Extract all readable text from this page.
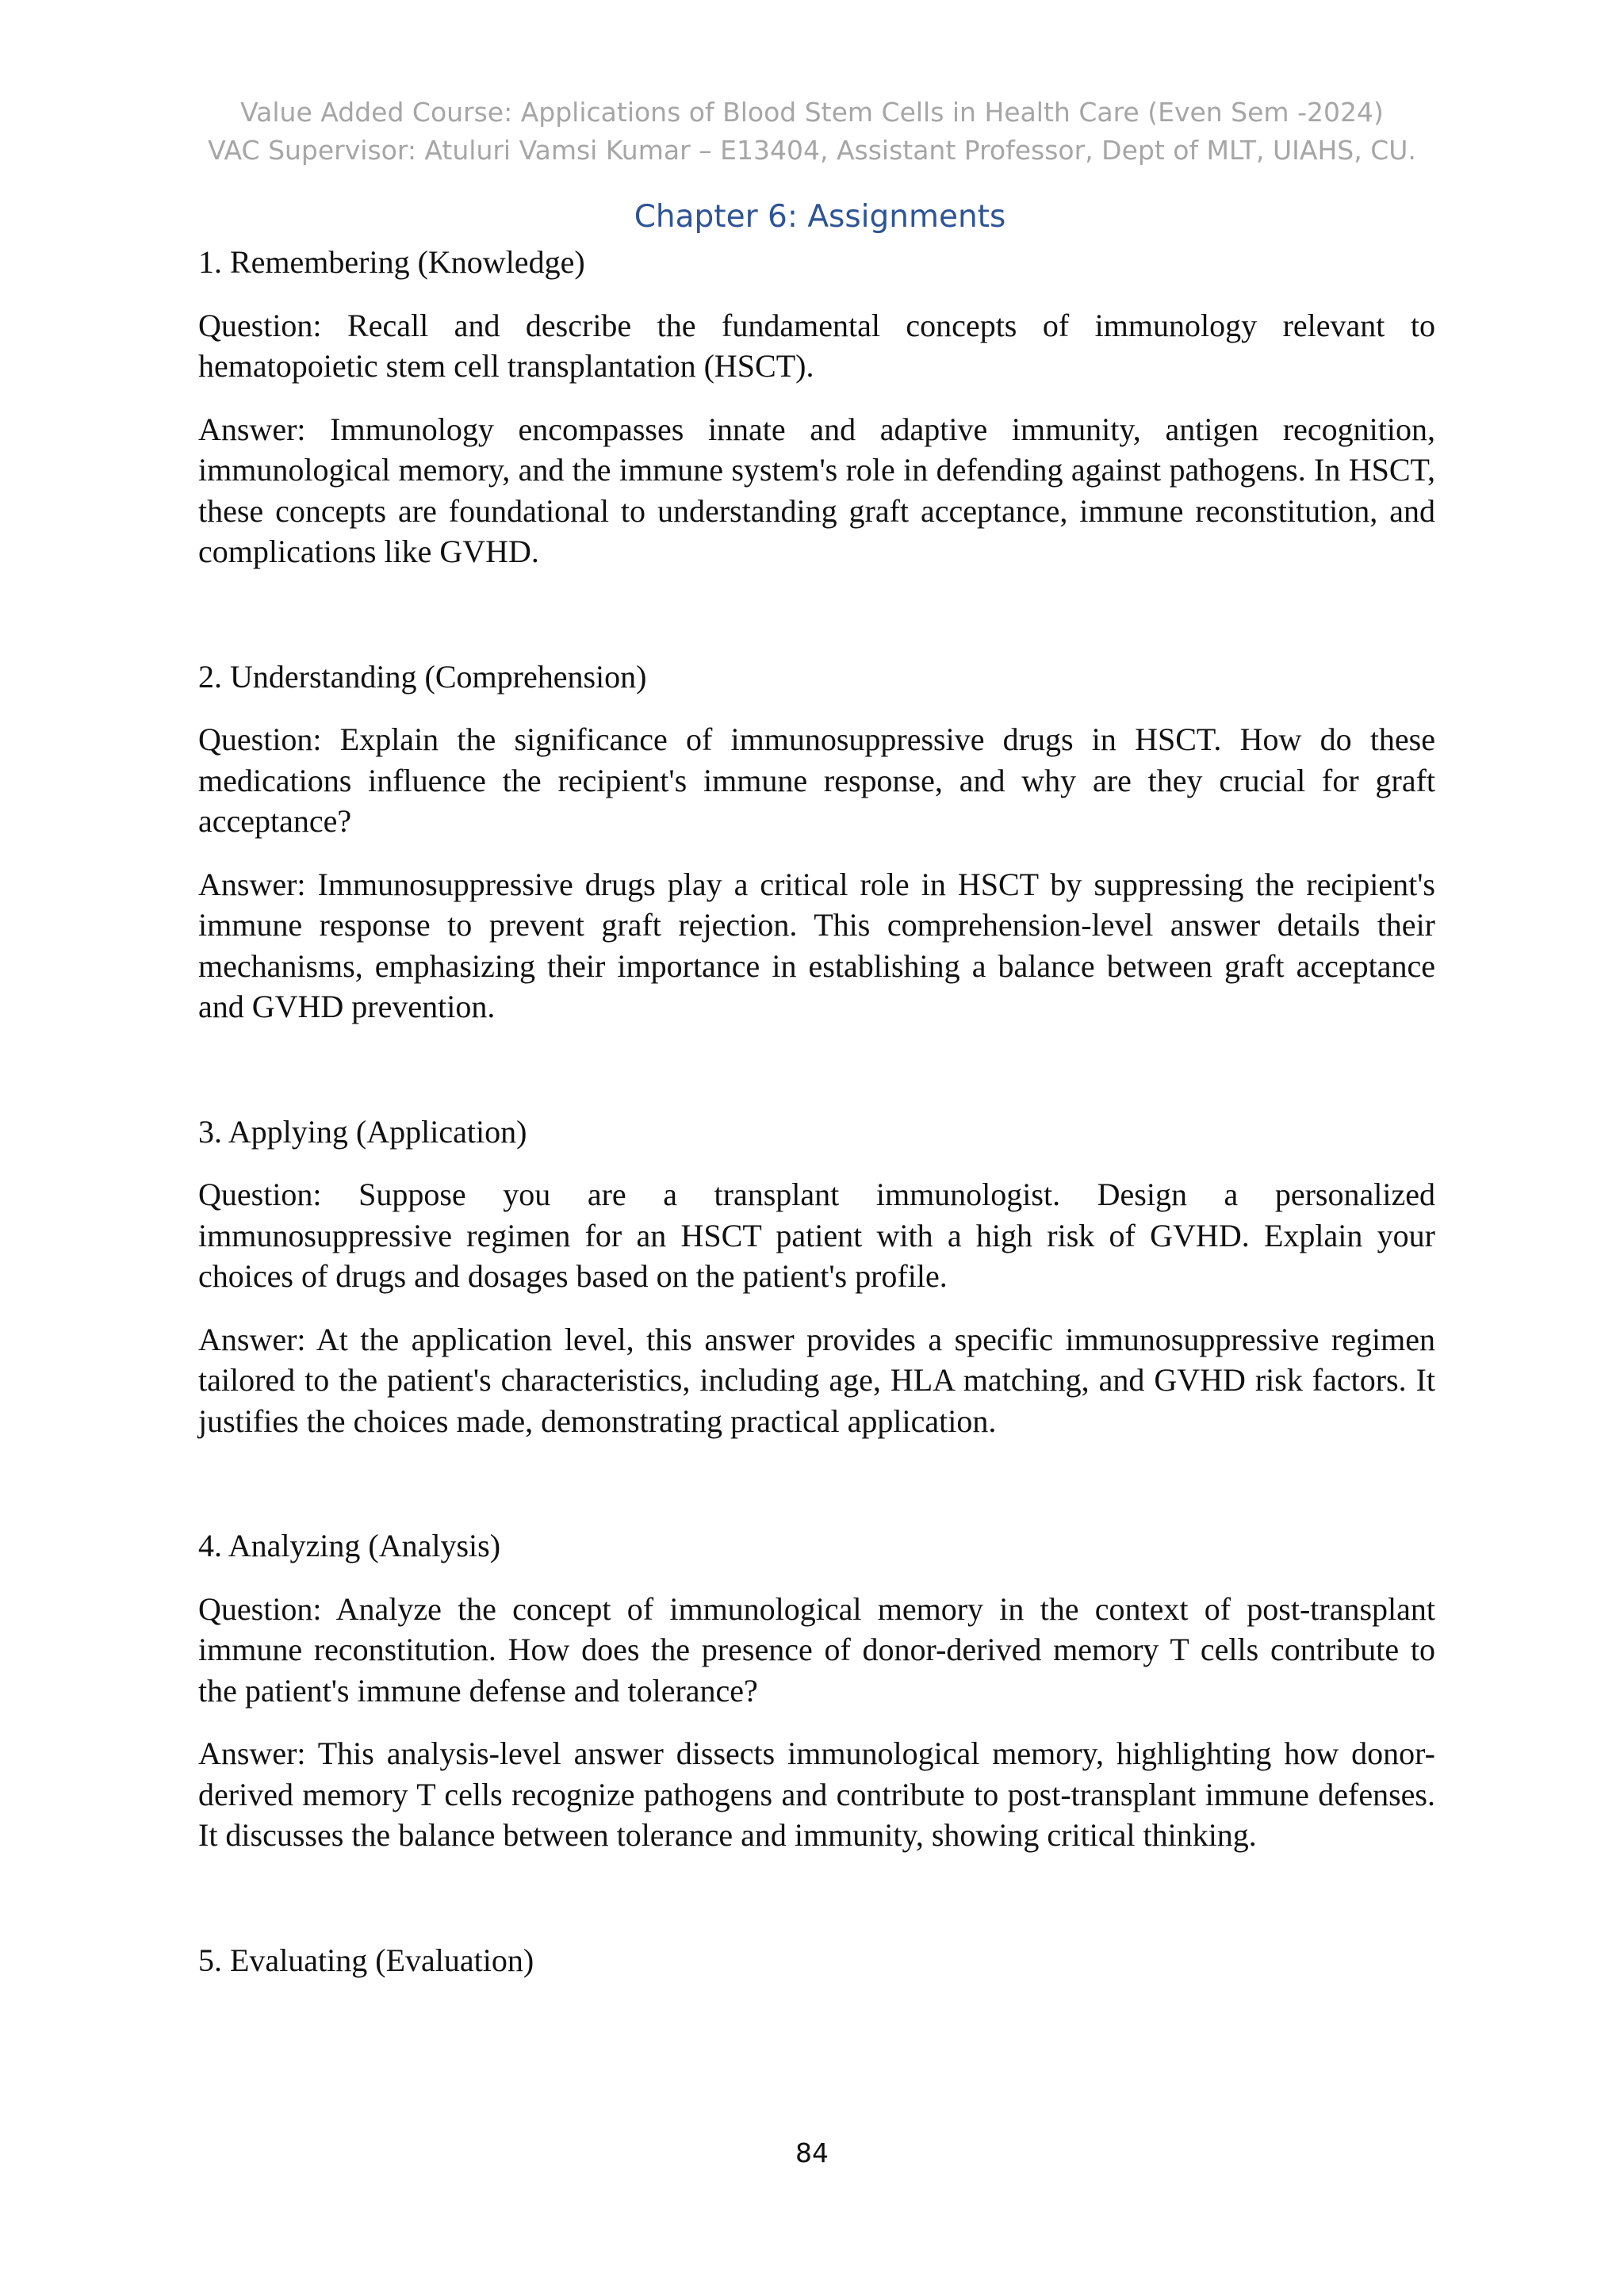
Value Added Course: Applications of Blood Stem Cells in Health Care (Even Sem -2024)
VAC Supervisor: Atuluri Vamsi Kumar – E13404, Assistant Professor, Dept of MLT, UIAHS, CU.
Chapter 6: Assignments

1. Remembering (Knowledge)

Question: Recall and describe the fundamental concepts of immunology relevant to hematopoietic stem cell transplantation (HSCT).

Answer: Immunology encompasses innate and adaptive immunity, antigen recognition, immunological memory, and the immune system's role in defending against pathogens. In HSCT, these concepts are foundational to understanding graft acceptance, immune reconstitution, and complications like GVHD.

2. Understanding (Comprehension)

Question: Explain the significance of immunosuppressive drugs in HSCT. How do these medications influence the recipient's immune response, and why are they crucial for graft acceptance?

Answer: Immunosuppressive drugs play a critical role in HSCT by suppressing the recipient's immune response to prevent graft rejection. This comprehension-level answer details their mechanisms, emphasizing their importance in establishing a balance between graft acceptance and GVHD prevention.

3. Applying (Application)

Question: Suppose you are a transplant immunologist. Design a personalized immunosuppressive regimen for an HSCT patient with a high risk of GVHD. Explain your choices of drugs and dosages based on the patient's profile.

Answer: At the application level, this answer provides a specific immunosuppressive regimen tailored to the patient's characteristics, including age, HLA matching, and GVHD risk factors. It justifies the choices made, demonstrating practical application.

4. Analyzing (Analysis)

Question: Analyze the concept of immunological memory in the context of post-transplant immune reconstitution. How does the presence of donor-derived memory T cells contribute to the patient's immune defense and tolerance?

Answer: This analysis-level answer dissects immunological memory, highlighting how donor-derived memory T cells recognize pathogens and contribute to post-transplant immune defenses. It discusses the balance between tolerance and immunity, showing critical thinking.

5. Evaluating (Evaluation)

84
